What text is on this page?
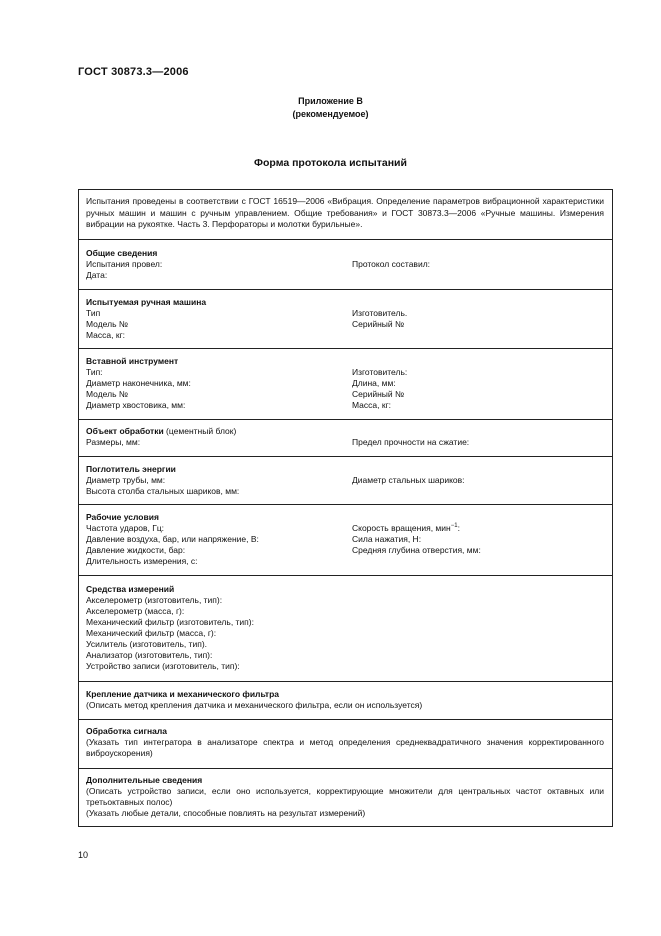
ГОСТ 30873.3—2006
Приложение В
(рекомендуемое)
Форма протокола испытаний
Испытания проведены в соответствии с ГОСТ 16519—2006 «Вибрация. Определение параметров вибрационной характеристики ручных машин и машин с ручным управлением. Общие требования» и ГОСТ 30873.3—2006 «Ручные машины. Измерения вибрации на рукоятке. Часть 3. Перфораторы и молотки бурильные».
Общие сведения
Испытания провел:	Протокол составил:
Дата:
Испытуемая ручная машина
Тип	Изготовитель.
Модель №	Серийный №
Масса, кг:
Вставной инструмент
Тип:	Изготовитель:
Диаметр наконечника, мм:	Длина, мм:
Модель №	Серийный №
Диаметр хвостовика, мм:	Масса, кг:
Объект обработки (цементный блок)
Размеры, мм:	Предел прочности на сжатие:
Поглотитель энергии
Диаметр трубы, мм:	Диаметр стальных шариков:
Высота столба стальных шариков, мм:
Рабочие условия
Частота ударов, Гц:	Скорость вращения, мин$^{-1}$:
Давление воздуха, бар, или напряжение, В:	Сила нажатия, Н:
Давление жидкости, бар:	Средняя глубина отверстия, мм:
Длительность измерения, с:
Средства измерений
Акселерометр (изготовитель, тип):
Акселерометр (масса, г):
Механический фильтр (изготовитель, тип):
Механический фильтр (масса, г):
Усилитель (изготовитель, тип).
Анализатор (изготовитель, тип):
Устройство записи (изготовитель, тип):
Крепление датчика и механического фильтра
(Описать метод крепления датчика и механического фильтра, если он используется)
Обработка сигнала
(Указать тип интегратора в анализаторе спектра и метод определения среднеквадратичного значения корректированного виброускорения)
Дополнительные сведения
(Описать устройство записи, если оно используется, корректирующие множители для центральных частот октавных или третьоктавных полос)
(Указать любые детали, способные повлиять на результат измерений)
10
